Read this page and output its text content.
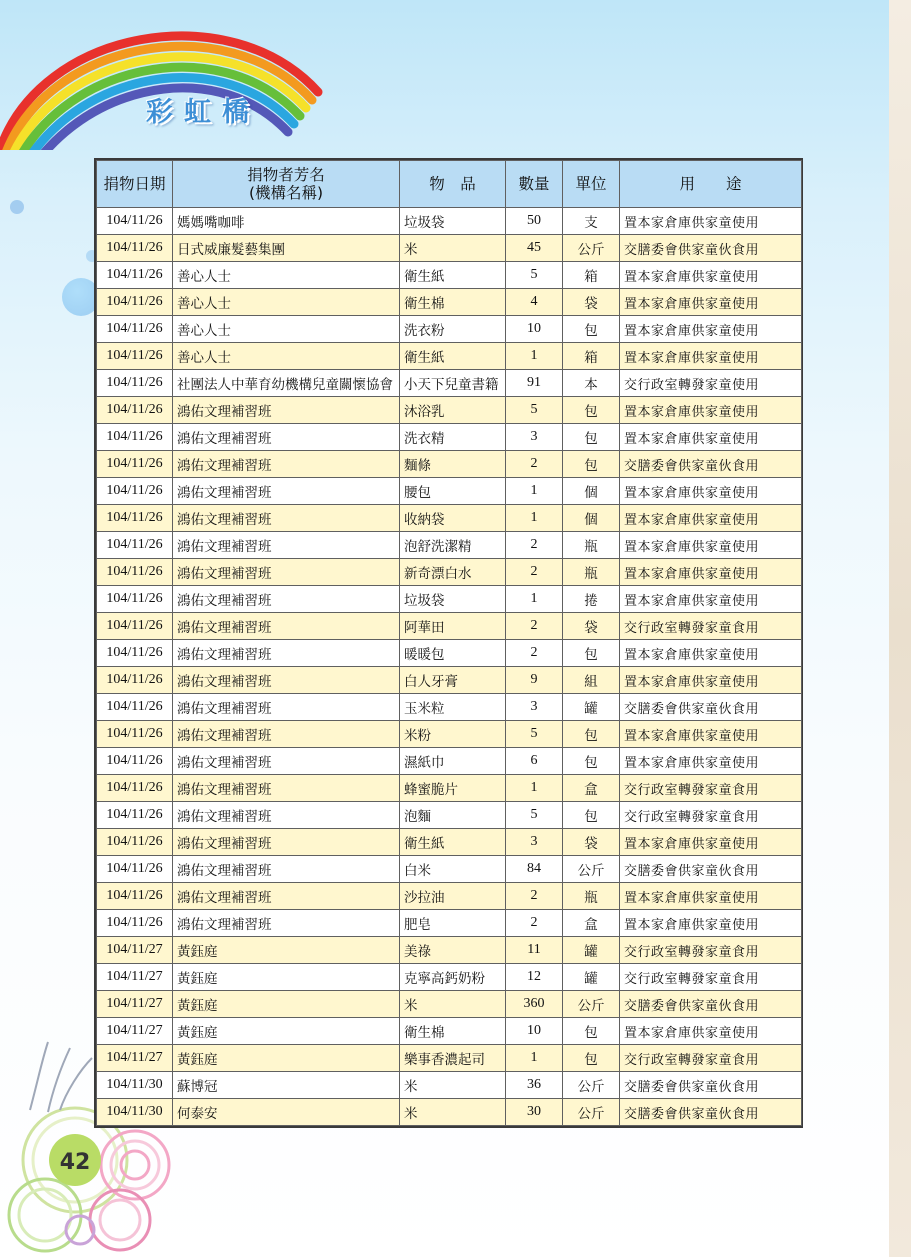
彩虹橋
42
捐物日期	捐物者芳名
(機構名稱)	物　品	數量	單位	用　　途
104/11/26	媽媽嘴咖啡	垃圾袋	50	支	置本家倉庫供家童使用
104/11/26	日式威廉髮藝集團	米	45	公斤	交膳委會供家童伙食用
104/11/26	善心人士	衛生紙	5	箱	置本家倉庫供家童使用
104/11/26	善心人士	衛生棉	4	袋	置本家倉庫供家童使用
104/11/26	善心人士	洗衣粉	10	包	置本家倉庫供家童使用
104/11/26	善心人士	衛生紙	1	箱	置本家倉庫供家童使用
104/11/26	社團法人中華育幼機構兒童關懷協會	小天下兒童書籍	91	本	交行政室轉發家童使用
104/11/26	鴻佑文理補習班	沐浴乳	5	包	置本家倉庫供家童使用
104/11/26	鴻佑文理補習班	洗衣精	3	包	置本家倉庫供家童使用
104/11/26	鴻佑文理補習班	麵條	2	包	交膳委會供家童伙食用
104/11/26	鴻佑文理補習班	腰包	1	個	置本家倉庫供家童使用
104/11/26	鴻佑文理補習班	收納袋	1	個	置本家倉庫供家童使用
104/11/26	鴻佑文理補習班	泡舒洗潔精	2	瓶	置本家倉庫供家童使用
104/11/26	鴻佑文理補習班	新奇漂白水	2	瓶	置本家倉庫供家童使用
104/11/26	鴻佑文理補習班	垃圾袋	1	捲	置本家倉庫供家童使用
104/11/26	鴻佑文理補習班	阿華田	2	袋	交行政室轉發家童食用
104/11/26	鴻佑文理補習班	暖暖包	2	包	置本家倉庫供家童使用
104/11/26	鴻佑文理補習班	白人牙膏	9	組	置本家倉庫供家童使用
104/11/26	鴻佑文理補習班	玉米粒	3	罐	交膳委會供家童伙食用
104/11/26	鴻佑文理補習班	米粉	5	包	置本家倉庫供家童使用
104/11/26	鴻佑文理補習班	濕紙巾	6	包	置本家倉庫供家童使用
104/11/26	鴻佑文理補習班	蜂蜜脆片	1	盒	交行政室轉發家童食用
104/11/26	鴻佑文理補習班	泡麵	5	包	交行政室轉發家童食用
104/11/26	鴻佑文理補習班	衛生紙	3	袋	置本家倉庫供家童使用
104/11/26	鴻佑文理補習班	白米	84	公斤	交膳委會供家童伙食用
104/11/26	鴻佑文理補習班	沙拉油	2	瓶	置本家倉庫供家童使用
104/11/26	鴻佑文理補習班	肥皂	2	盒	置本家倉庫供家童使用
104/11/27	黃鈺庭	美祿	11	罐	交行政室轉發家童食用
104/11/27	黃鈺庭	克寧高鈣奶粉	12	罐	交行政室轉發家童食用
104/11/27	黃鈺庭	米	360	公斤	交膳委會供家童伙食用
104/11/27	黃鈺庭	衛生棉	10	包	置本家倉庫供家童使用
104/11/27	黃鈺庭	樂事香濃起司	1	包	交行政室轉發家童食用
104/11/30	蘇博冠	米	36	公斤	交膳委會供家童伙食用
104/11/30	何泰安	米	30	公斤	交膳委會供家童伙食用
